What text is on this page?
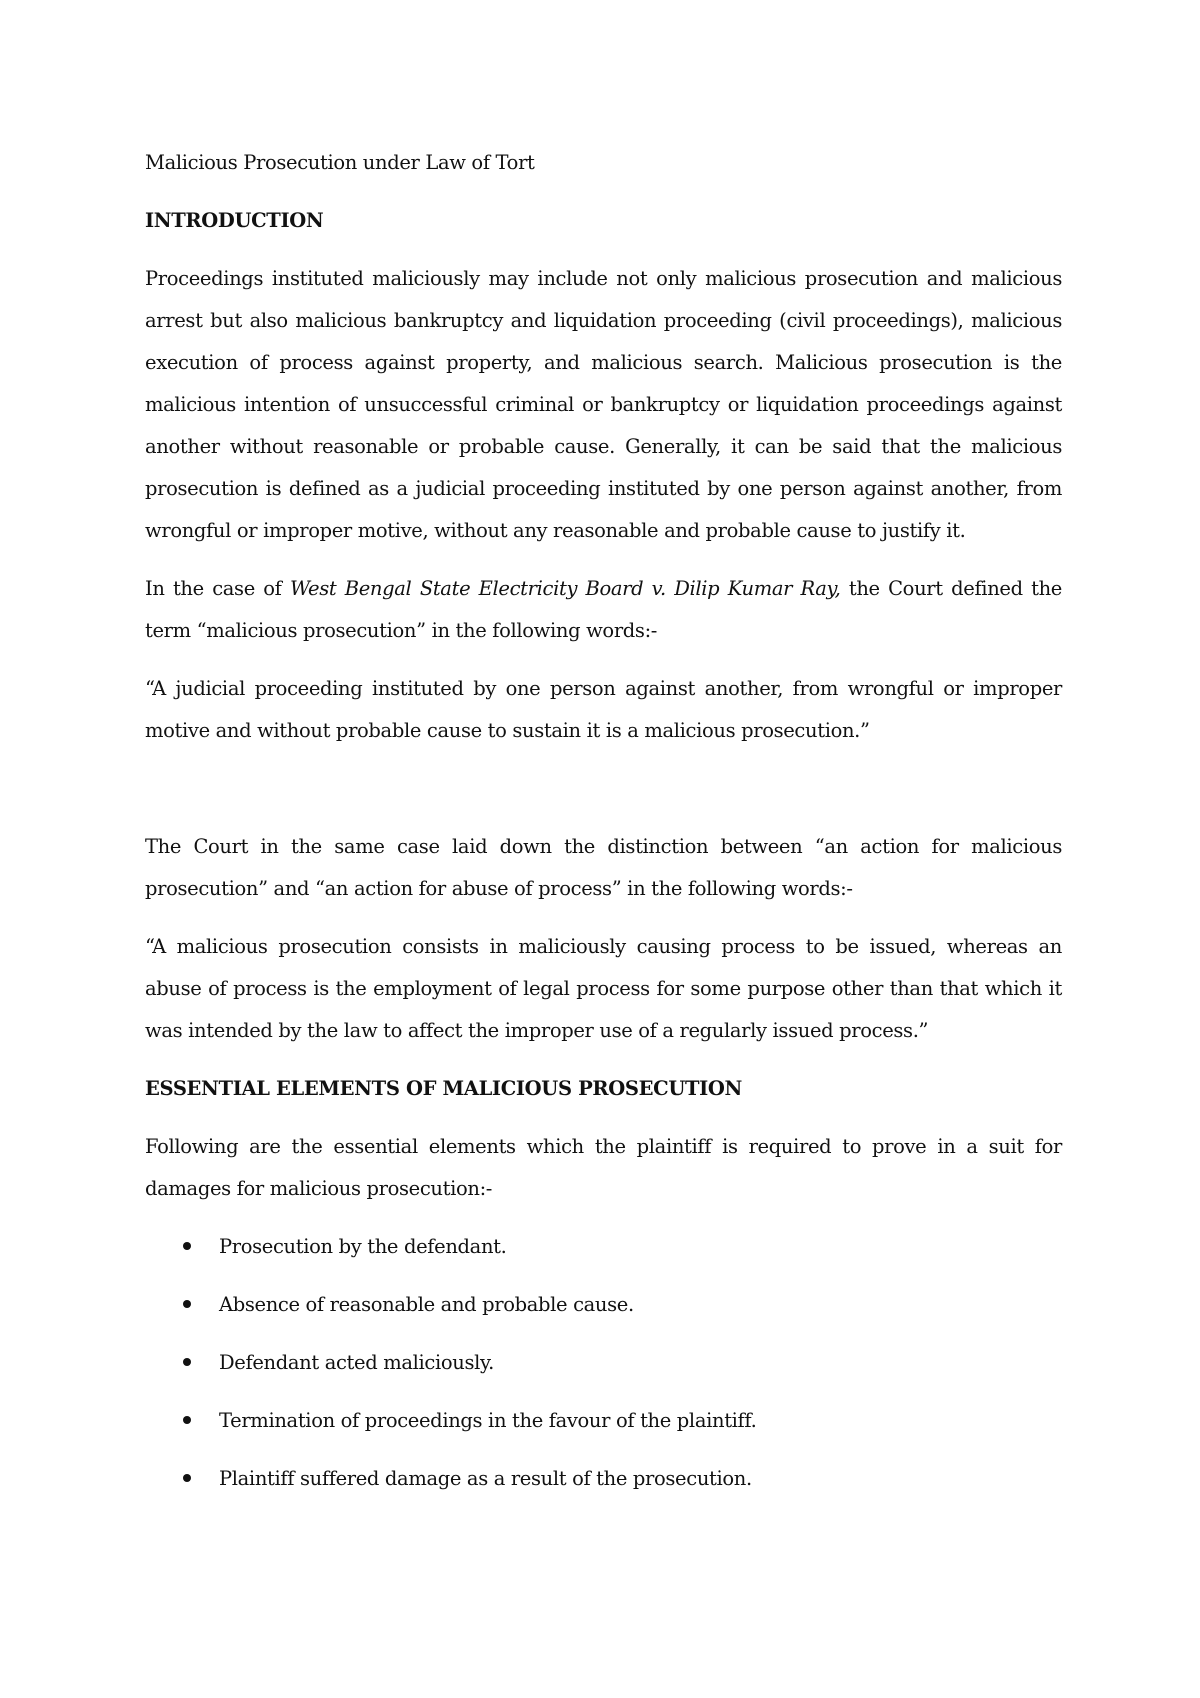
Malicious Prosecution under Law of Tort

INTRODUCTION

Proceedings instituted maliciously may include not only malicious prosecution and malicious arrest but also malicious bankruptcy and liquidation proceeding (civil proceedings), malicious execution of process against property, and malicious search. Malicious prosecution is the malicious intention of unsuccessful criminal or bankruptcy or liquidation proceedings against another without reasonable or probable cause. Generally, it can be said that the malicious prosecution is defined as a judicial proceeding instituted by one person against another, from wrongful or improper motive, without any reasonable and probable cause to justify it.

In the case of West Bengal State Electricity Board v. Dilip Kumar Ray, the Court defined the term “malicious prosecution” in the following words:-

“A judicial proceeding instituted by one person against another, from wrongful or improper motive and without probable cause to sustain it is a malicious prosecution.”

The Court in the same case laid down the distinction between “an action for malicious prosecution” and “an action for abuse of process” in the following words:-

“A malicious prosecution consists in maliciously causing process to be issued, whereas an abuse of process is the employment of legal process for some purpose other than that which it was intended by the law to affect the improper use of a regularly issued process.”

ESSENTIAL ELEMENTS OF MALICIOUS PROSECUTION

Following are the essential elements which the plaintiff is required to prove in a suit for damages for malicious prosecution:-

Prosecution by the defendant.
Absence of reasonable and probable cause.
Defendant acted maliciously.
Termination of proceedings in the favour of the plaintiff.
Plaintiff suffered damage as a result of the prosecution.
